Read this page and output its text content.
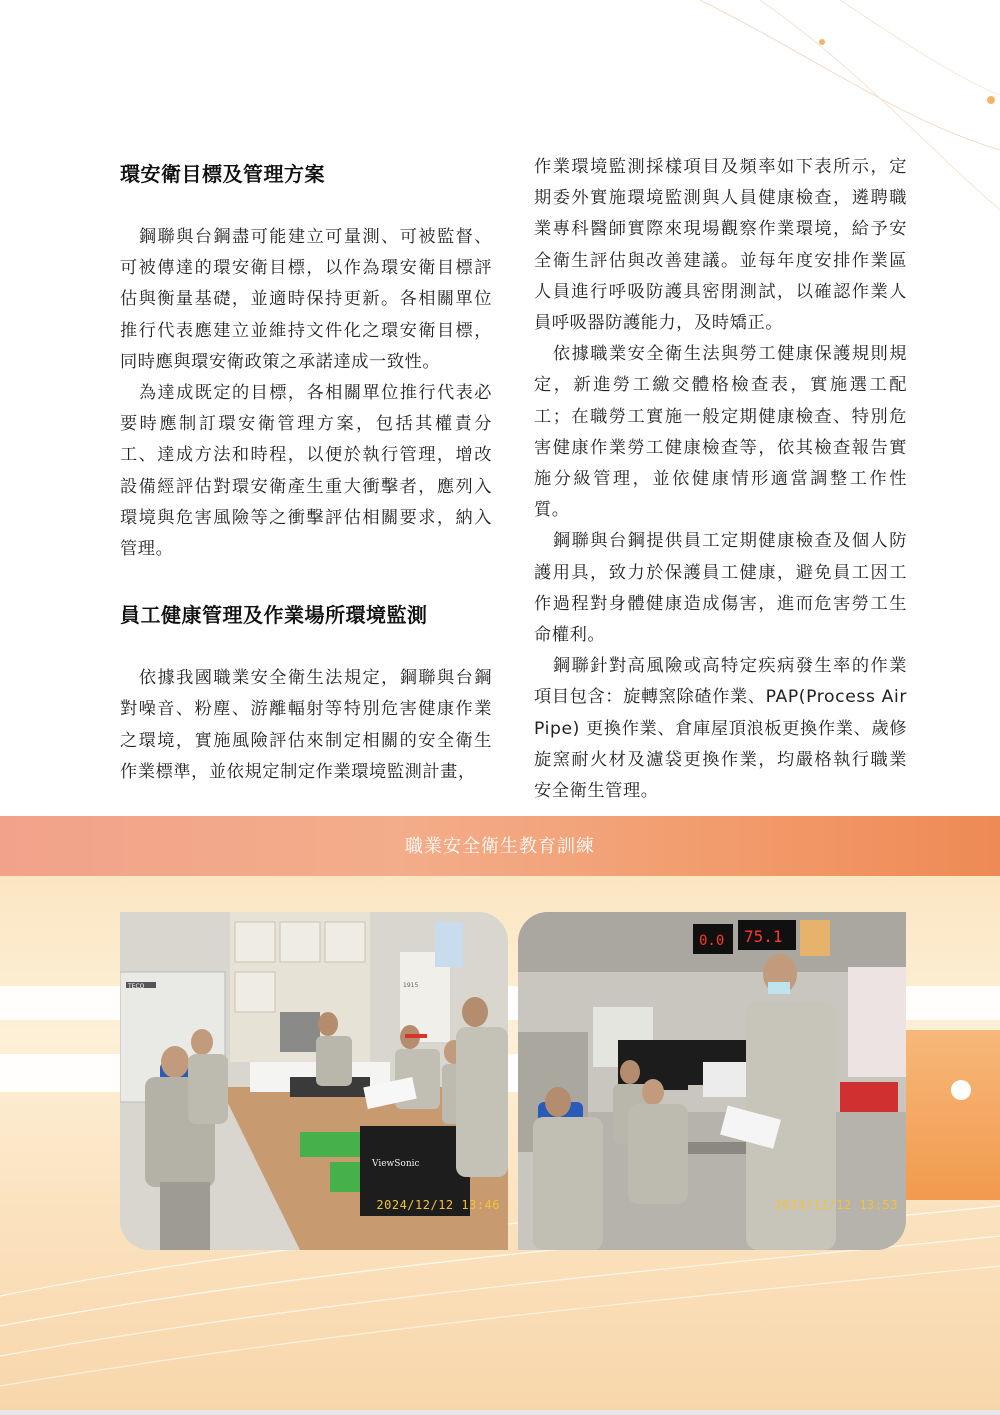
環安衛目標及管理方案

鋼聯與台鋼盡可能建立可量測、可被監督、可被傳達的環安衛目標，以作為環安衛目標評估與衡量基礎，並適時保持更新。各相關單位推行代表應建立並維持文件化之環安衛目標，同時應與環安衛政策之承諾達成一致性。

為達成既定的目標，各相關單位推行代表必要時應制訂環安衛管理方案，包括其權責分工、達成方法和時程，以便於執行管理，增改設備經評估對環安衛產生重大衝擊者，應列入環境與危害風險等之衝擊評估相關要求，納入管理。

員工健康管理及作業場所環境監測

依據我國職業安全衛生法規定，鋼聯與台鋼對噪音、粉塵、游離輻射等特別危害健康作業之環境，實施風險評估來制定相關的安全衛生作業標準，並依規定制定作業環境監測計畫，

作業環境監測採樣項目及頻率如下表所示，定期委外實施環境監測與人員健康檢查，遴聘職業專科醫師實際來現場觀察作業環境，給予安全衛生評估與改善建議。並每年度安排作業區人員進行呼吸防護具密閉測試，以確認作業人員呼吸器防護能力，及時矯正。

依據職業安全衛生法與勞工健康保護規則規定，新進勞工繳交體格檢查表，實施選工配工；在職勞工實施一般定期健康檢查、特別危害健康作業勞工健康檢查等，依其檢查報告實施分級管理，並依健康情形適當調整工作性質。

鋼聯與台鋼提供員工定期健康檢查及個人防護用具，致力於保護員工健康，避免員工因工作過程對身體健康造成傷害，進而危害勞工生命權利。

鋼聯針對高風險或高特定疾病發生率的作業項目包含：旋轉窯除碴作業、PAP(Process Air Pipe) 更換作業、倉庫屋頂浪板更換作業、歲修旋窯耐火材及濾袋更換作業，均嚴格執行職業安全衛生管理。

職業安全衛生教育訓練
TECO	1915
ViewSonic
2024/12/12 13:46
0.0 75.1
2024/12/12 13:53
